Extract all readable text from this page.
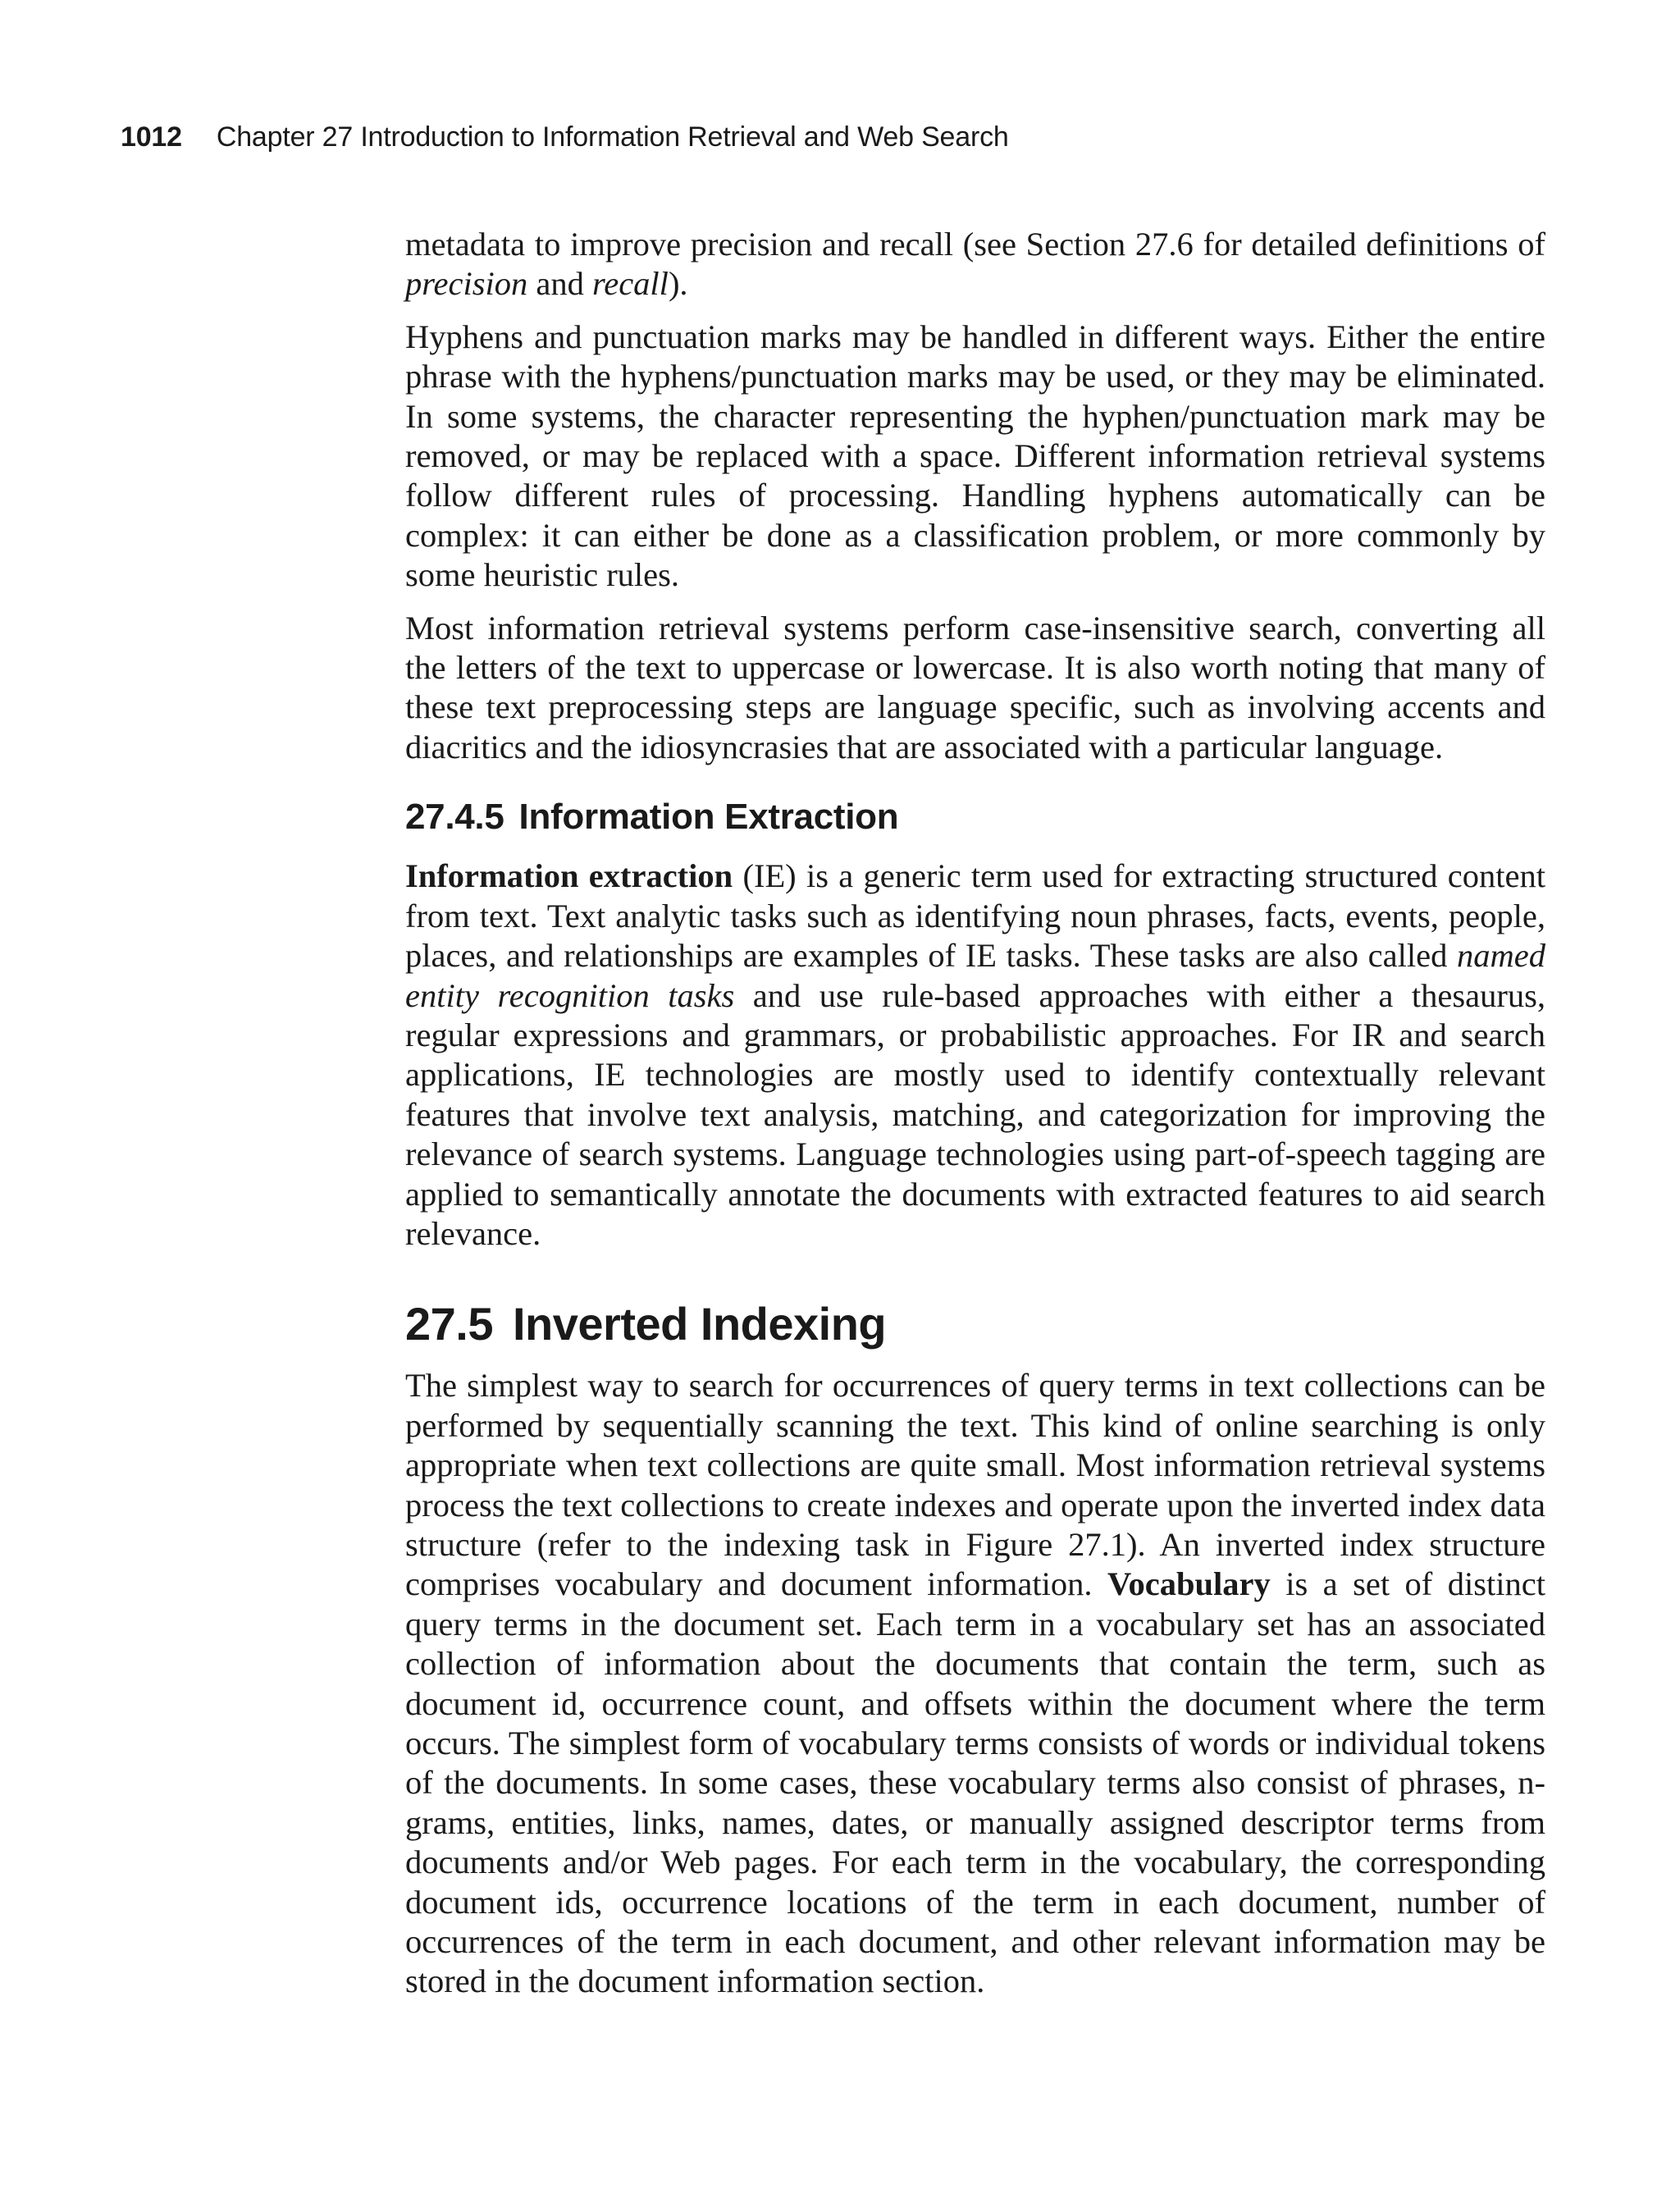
1012 Chapter 27 Introduction to Information Retrieval and Web Search

metadata to improve precision and recall (see Section 27.6 for detailed definitions of precision and recall).

Hyphens and punctuation marks may be handled in different ways. Either the entire phrase with the hyphens/punctuation marks may be used, or they may be eliminated. In some systems, the character representing the hyphen/punctuation mark may be removed, or may be replaced with a space. Different information retrieval systems follow different rules of processing. Handling hyphens automatically can be complex: it can either be done as a classification problem, or more commonly by some heuristic rules.

Most information retrieval systems perform case-insensitive search, converting all the letters of the text to uppercase or lowercase. It is also worth noting that many of these text preprocessing steps are language specific, such as involving accents and diacritics and the idiosyncrasies that are associated with a particular language.

27.4.5 Information Extraction

Information extraction (IE) is a generic term used for extracting structured content from text. Text analytic tasks such as identifying noun phrases, facts, events, people, places, and relationships are examples of IE tasks. These tasks are also called named entity recognition tasks and use rule-based approaches with either a thesaurus, regular expressions and grammars, or probabilistic approaches. For IR and search applications, IE technologies are mostly used to identify contextually relevant features that involve text analysis, matching, and categorization for improving the relevance of search systems. Language technologies using part-of-speech tagging are applied to semantically annotate the documents with extracted features to aid search relevance.

27.5 Inverted Indexing

The simplest way to search for occurrences of query terms in text collections can be performed by sequentially scanning the text. This kind of online searching is only appropriate when text collections are quite small. Most information retrieval systems process the text collections to create indexes and operate upon the inverted index data structure (refer to the indexing task in Figure 27.1). An inverted index structure comprises vocabulary and document information. Vocabulary is a set of distinct query terms in the document set. Each term in a vocabulary set has an associated collection of information about the documents that contain the term, such as document id, occurrence count, and offsets within the document where the term occurs. The simplest form of vocabulary terms consists of words or individual tokens of the documents. In some cases, these vocabulary terms also consist of phrases, n-grams, entities, links, names, dates, or manually assigned descriptor terms from documents and/or Web pages. For each term in the vocabulary, the corresponding document ids, occurrence locations of the term in each document, number of occurrences of the term in each document, and other relevant information may be stored in the document information section.
